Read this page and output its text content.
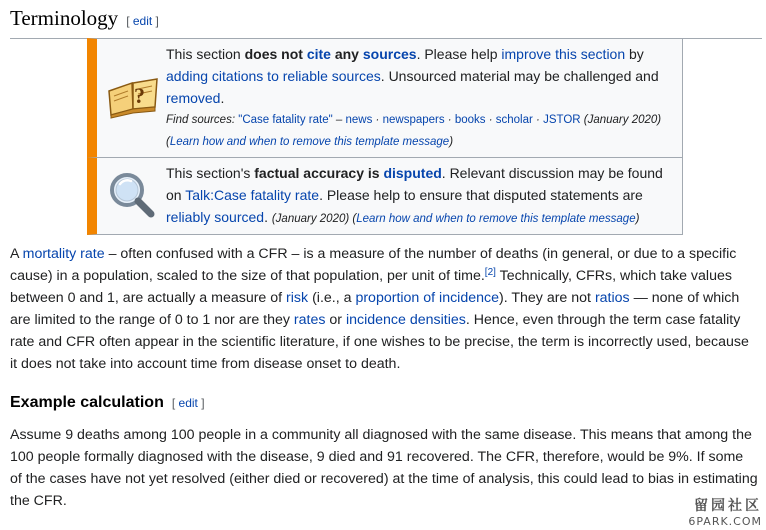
Terminology [ edit ]
?
This section does not cite any sources. Please help improve this section by adding citations to reliable sources. Unsourced material may be challenged and removed.
Find sources: "Case fatality rate" – news · newspapers · books · scholar · JSTOR (January 2020) (Learn how and when to remove this template message)
This section's factual accuracy is disputed. Relevant discussion may be found on Talk:Case fatality rate. Please help to ensure that disputed statements are reliably sourced. (January 2020) (Learn how and when to remove this template message)
A mortality rate – often confused with a CFR – is a measure of the number of deaths (in general, or due to a specific cause) in a population, scaled to the size of that population, per unit of time.[2] Technically, CFRs, which take values between 0 and 1, are actually a measure of risk (i.e., a proportion of incidence). They are not ratios — none of which are limited to the range of 0 to 1 nor are they rates or incidence densities. Hence, even through the term case fatality rate and CFR often appear in the scientific literature, if one wishes to be precise, the term is incorrectly used, because it does not take into account time from disease onset to death.
Example calculation [ edit ]
Assume 9 deaths among 100 people in a community all diagnosed with the same disease. This means that among the 100 people formally diagnosed with the disease, 9 died and 91 recovered. The CFR, therefore, would be 9%. If some of the cases have not yet resolved (either died or recovered) at the time of analysis, this could lead to bias in estimating the CFR.	留园社区
6PARK.COM
